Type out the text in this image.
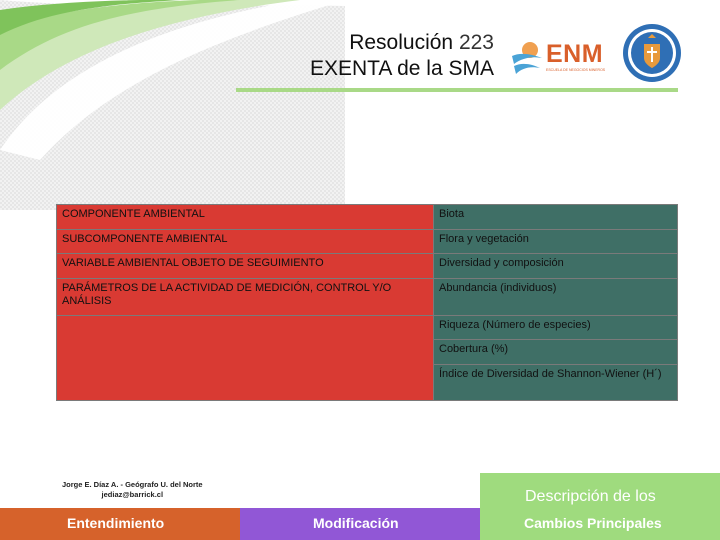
Resolución 223
EXENTA de la SMA
ENM
ESCUELA DE NEGOCIOS MINEROS
COMPONENTE AMBIENTAL	Biota
SUBCOMPONENTE AMBIENTAL	Flora y vegetación
VARIABLE AMBIENTAL OBJETO DE SEGUIMIENTO	Diversidad y composición
PARÁMETROS DE LA ACTIVIDAD DE MEDICIÓN, CONTROL Y/O ANÁLISIS	Abundancia (individuos)
	Riqueza (Número de especies)
	Cobertura (%)
	Índice de Diversidad de Shannon-Wiener (H´)
Jorge E. Díaz A. - Geógrafo U. del Norte
jediaz@barrick.cl
Entendimiento	Modificación
Descripción de los
Cambios Principales
